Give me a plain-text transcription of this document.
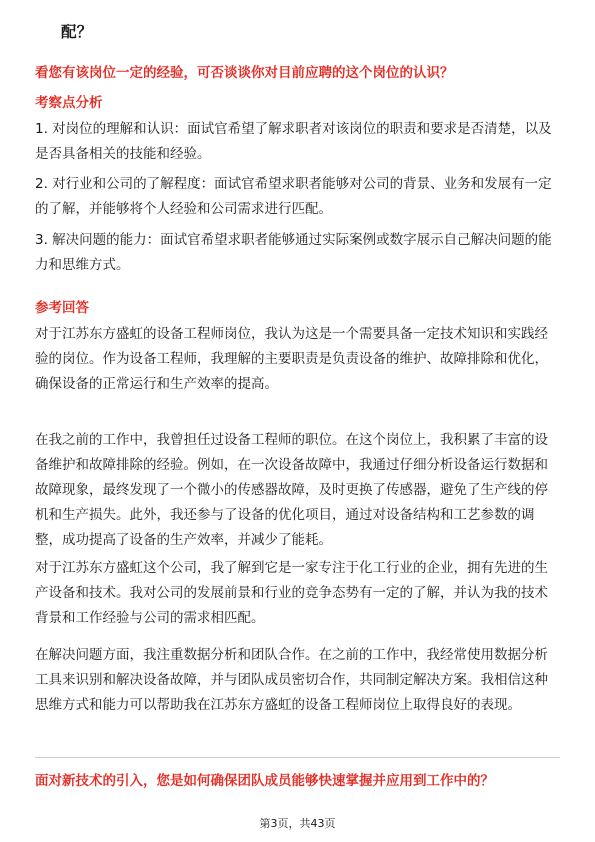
配？
看您有该岗位一定的经验，可否谈谈你对目前应聘的这个岗位的认识？
考察点分析
1. 对岗位的理解和认识：面试官希望了解求职者对该岗位的职责和要求是否清楚，以及是否具备相关的技能和经验。
2. 对行业和公司的了解程度：面试官希望求职者能够对公司的背景、业务和发展有一定的了解，并能够将个人经验和公司需求进行匹配。
3. 解决问题的能力：面试官希望求职者能够通过实际案例或数字展示自己解决问题的能力和思维方式。
参考回答
对于江苏东方盛虹的设备工程师岗位，我认为这是一个需要具备一定技术知识和实践经验的岗位。作为设备工程师，我理解的主要职责是负责设备的维护、故障排除和优化，确保设备的正常运行和生产效率的提高。
在我之前的工作中，我曾担任过设备工程师的职位。在这个岗位上，我积累了丰富的设备维护和故障排除的经验。例如，在一次设备故障中，我通过仔细分析设备运行数据和故障现象，最终发现了一个微小的传感器故障，及时更换了传感器，避免了生产线的停机和生产损失。此外，我还参与了设备的优化项目，通过对设备结构和工艺参数的调整，成功提高了设备的生产效率，并减少了能耗。
对于江苏东方盛虹这个公司，我了解到它是一家专注于化工行业的企业，拥有先进的生产设备和技术。我对公司的发展前景和行业的竞争态势有一定的了解，并认为我的技术背景和工作经验与公司的需求相匹配。
在解决问题方面，我注重数据分析和团队合作。在之前的工作中，我经常使用数据分析工具来识别和解决设备故障，并与团队成员密切合作，共同制定解决方案。我相信这种思维方式和能力可以帮助我在江苏东方盛虹的设备工程师岗位上取得良好的表现。
面对新技术的引入，您是如何确保团队成员能够快速掌握并应用到工作中的？
第3页，共43页
